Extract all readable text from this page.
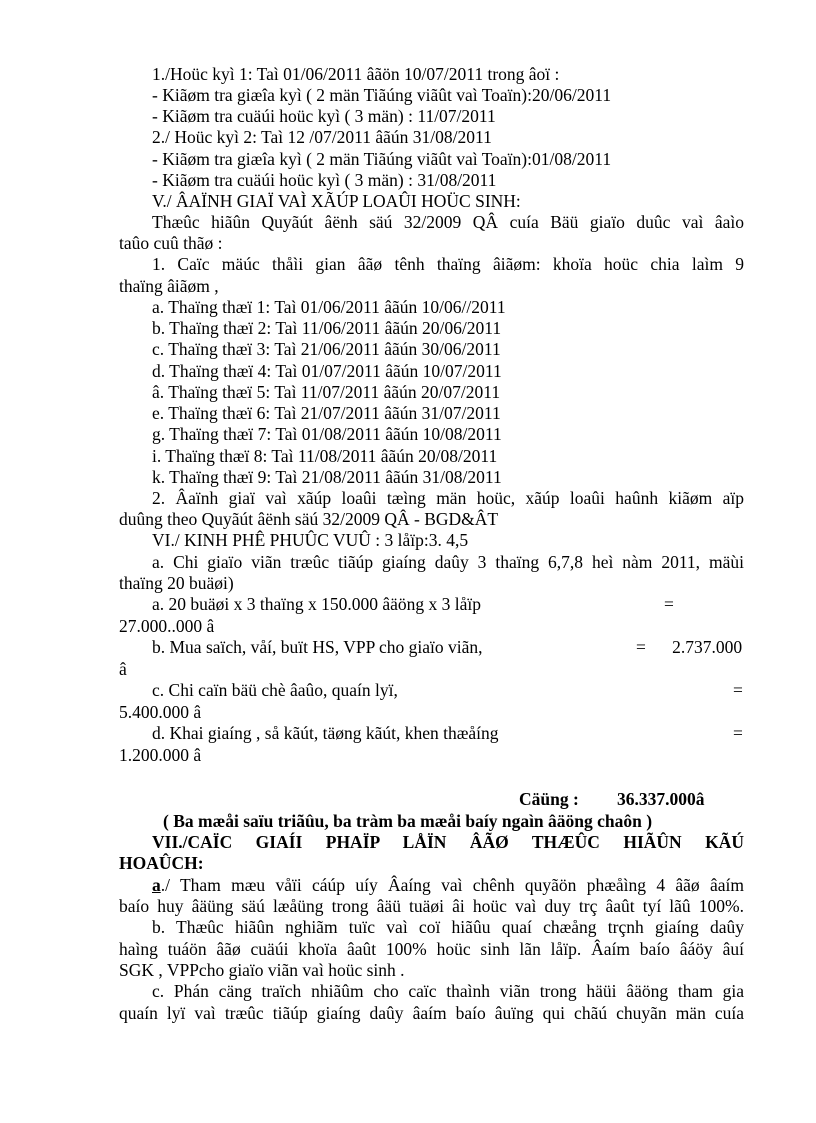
1./Hoüc kyì 1: Taì 01/06/2011 âãön 10/07/2011 trong âoï :
- Kiãøm tra giæîa kyì ( 2 män Tiãúng viãût vaì Toaïn):20/06/2011
- Kiãøm tra cuäúi hoüc kyì ( 3 män) : 11/07/2011
2./ Hoüc kyì 2: Taì 12 /07/2011 âãún 31/08/2011
- Kiãøm tra giæîa kyì ( 2 män Tiãúng viãût vaì Toaïn):01/08/2011
- Kiãøm tra cuäúi hoüc kyì ( 3 män) : 31/08/2011
V./ ÂAÏNH GIAÏ VAÌ XÃÚP LOAÛI HOÜC SINH:
Thæûc hiãûn Quyãút âënh säú 32/2009 QÂ cuía Bäü giaïo duûc vaì âaìo
taûo cuû thãø :
1. Caïc mäúc thåìi gian âãø tênh thaïng âiãøm: khoïa hoüc chia laìm 9
thaïng âiãøm ,
a. Thaïng thæï 1: Taì 01/06/2011 âãún 10/06//2011
b. Thaïng thæï 2: Taì 11/06/2011 âãún 20/06/2011
c. Thaïng thæï 3: Taì 21/06/2011 âãún 30/06/2011
d. Thaïng thæï 4: Taì 01/07/2011 âãún 10/07/2011
â. Thaïng thæï 5: Taì 11/07/2011 âãún 20/07/2011
e. Thaïng thæï 6: Taì 21/07/2011 âãún 31/07/2011
g. Thaïng thæï 7: Taì 01/08/2011 âãún 10/08/2011
i. Thaïng thæï 8: Taì 11/08/2011 âãún 20/08/2011
k. Thaïng thæï 9: Taì 21/08/2011 âãún 31/08/2011
2. Âaïnh giaï vaì xãúp loaûi tæìng män hoüc, xãúp loaûi haûnh kiãøm aïp
duûng theo Quyãút âënh säú 32/2009 QÂ - BGD&ÂT
VI./ KINH PHÊ PHUÛC VUÛ : 3 låïp:3. 4,5
a. Chi giaïo viãn træûc tiãúp giaíng daûy 3 thaïng 6,7,8 heì nàm 2011, mäùi
thaïng 20 buäøi)
a. 20 buäøi x 3 thaïng x 150.000 âäöng x 3 låïp	=
27.000..000 â
b. Mua saïch, våí, buït HS, VPP cho giaïo viãn,	=      2.737.000
â
c. Chi caïn bäü chè âaûo, quaín lyï,	=
5.400.000 â
d. Khai giaíng , så kãút, täøng kãút, khen thæåíng	=
1.200.000 â
Cäüng : 36.337.000â
( Ba mæåi saïu triãûu, ba tràm ba mæåi baíy ngaìn âäöng chaôn )
VII./CAÏC GIAÍI PHAÏP LÅÏN ÂÃØ THÆÛC HIÃÛN KÃÚ
HOAÛCH:
a ./ Tham mæu våïi cáúp uíy Âaíng vaì chênh quyãön phæåìng 4 âãø âaím
baío huy âäüng säú læåüng trong âäü tuäøi âi hoüc vaì duy trç âaût tyí lãû 100%.
b. Thæûc hiãûn nghiãm tuïc vaì coï hiãûu quaí chæång trçnh giaíng daûy
haìng tuáön âãø cuäúi khoïa âaût 100% hoüc sinh lãn låïp. Âaím baío âáöy âuí
SGK , VPPcho giaïo viãn vaì hoüc sinh .
c. Phán cäng traïch nhiãûm cho caïc thaình viãn trong häüi âäöng tham gia
quaín lyï vaì træûc tiãúp giaíng daûy âaím baío âuïng qui chãú chuyãn män cuía
